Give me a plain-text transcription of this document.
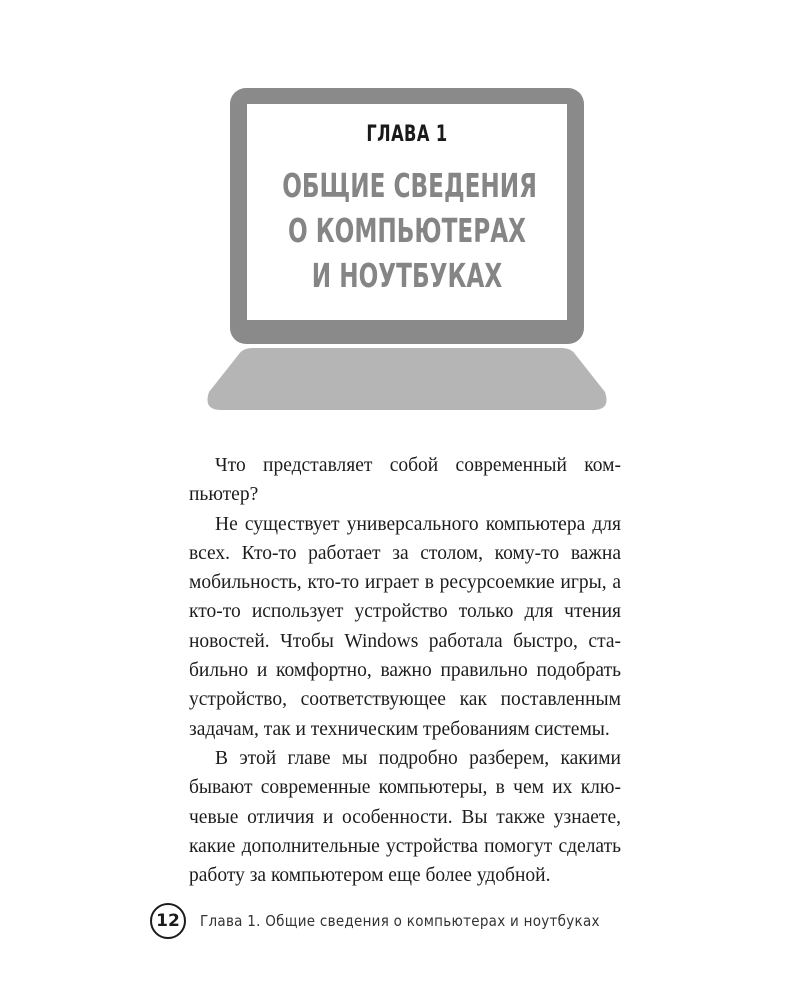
ГЛАВА 1
ОБЩИЕ СВЕДЕНИЯ
О КОМПЬЮТЕРАХ
И НОУТБУКАХ

Что представляет собой современный компьютер?

Не существует универсального компьютера для всех. Кто-то работает за столом, кому-то важна мобильность, кто-то играет в ресурсоемкие игры, а кто-то использует устройство только для чтения новостей. Чтобы Windows работала быстро, стабильно и комфортно, важно правильно подобрать устройство, соответствующее как поставленным задачам, так и техническим требованиям системы.

В этой главе мы подробно разберем, какими бывают современные компьютеры, в чем их ключевые отличия и особенности. Вы также узнаете, какие дополнительные устройства помогут сделать работу за компьютером еще более удобной.

12	Глава 1. Общие сведения о компьютерах и ноутбуках
